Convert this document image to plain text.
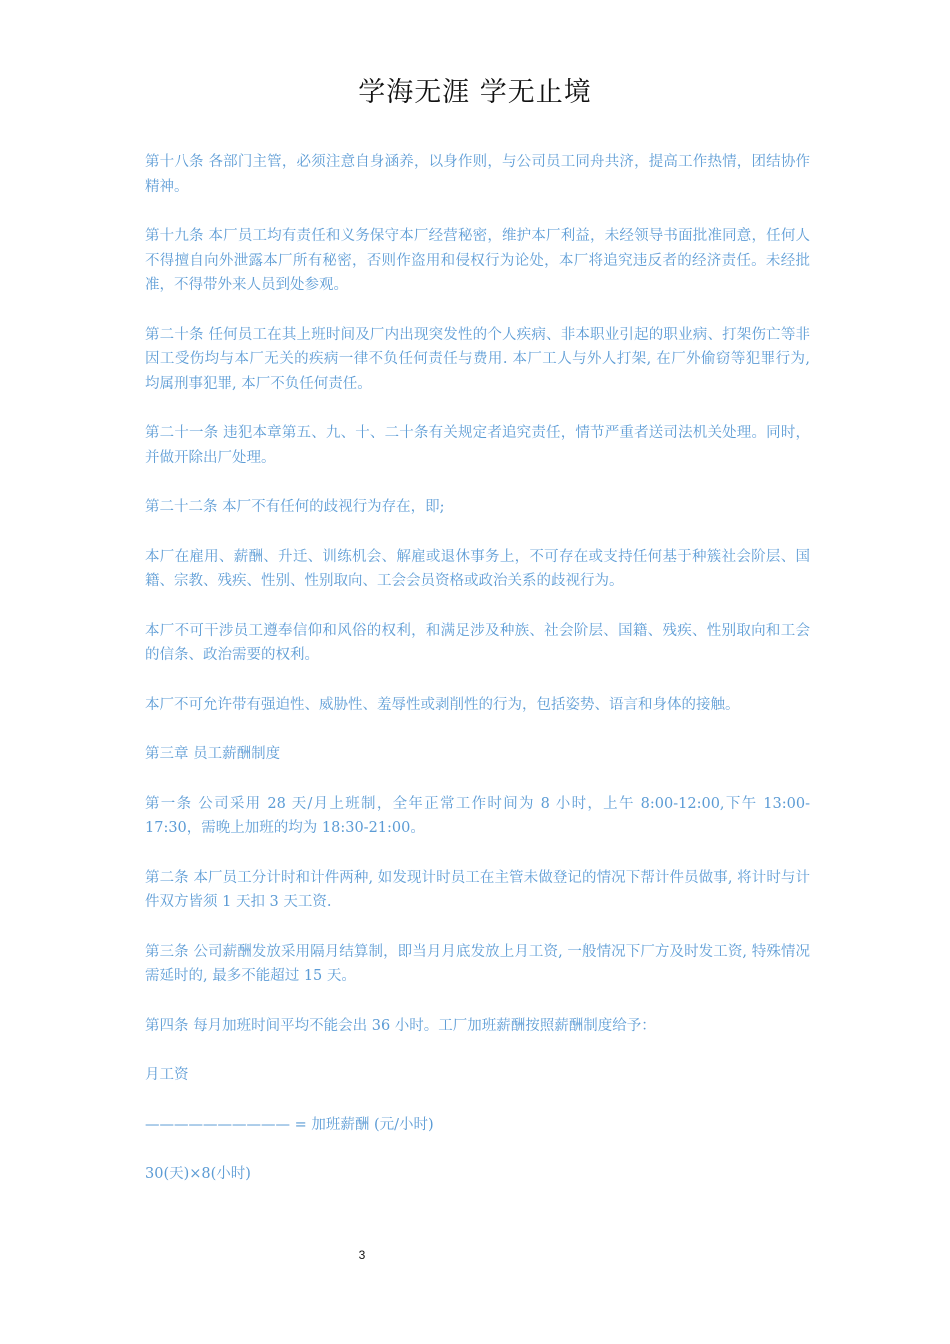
学海无涯 学无止境

第十八条 各部门主管，必须注意自身涵养，以身作则，与公司员工同舟共济，提高工作热情，团结协作精神。

第十九条 本厂员工均有责任和义务保守本厂经营秘密，维护本厂利益，未经领导书面批准同意，任何人不得擅自向外泄露本厂所有秘密，否则作盗用和侵权行为论处，本厂将追究违反者的经济责任。未经批准，不得带外来人员到处参观。

第二十条 任何员工在其上班时间及厂内出现突发性的个人疾病、非本职业引起的职业病、打架伤亡等非因工受伤均与本厂无关的疾病一律不负任何责任与费用. 本厂工人与外人打架, 在厂外偷窃等犯罪行为, 均属刑事犯罪, 本厂不负任何责任。

第二十一条 违犯本章第五、九、十、二十条有关规定者追究责任，情节严重者送司法机关处理。同时，并做开除出厂处理。

第二十二条 本厂不有任何的歧视行为存在，即;

本厂在雇用、薪酬、升迁、训练机会、解雇或退休事务上，不可存在或支持任何基于种簇社会阶层、国籍、宗教、残疾、性别、性别取向、工会会员资格或政治关系的歧视行为。

本厂不可干涉员工遵奉信仰和风俗的权利，和满足涉及种族、社会阶层、国籍、残疾、性别取向和工会的信条、政治需要的权利。

本厂不可允许带有强迫性、威胁性、羞辱性或剥削性的行为，包括姿势、语言和身体的接触。

第三章 员工薪酬制度

第一条 公司采用 28 天/月上班制，全年正常工作时间为 8 小时，上午 8:00-12:00,下午 13:00-17:30，需晚上加班的均为 18:30-21:00。

第二条 本厂员工分计时和计件两种, 如发现计时员工在主管未做登记的情况下帮计件员做事, 将计时与计件双方皆须 1 天扣 3 天工资.

第三条 公司薪酬发放采用隔月结算制，即当月月底发放上月工资, 一般情况下厂方及时发工资, 特殊情况需延时的, 最多不能超过 15 天。

第四条 每月加班时间平均不能会出 36 小时。工厂加班薪酬按照薪酬制度给予：

月工资

—————————— = 加班薪酬 (元/小时)

30(天)×8(小时)

3
